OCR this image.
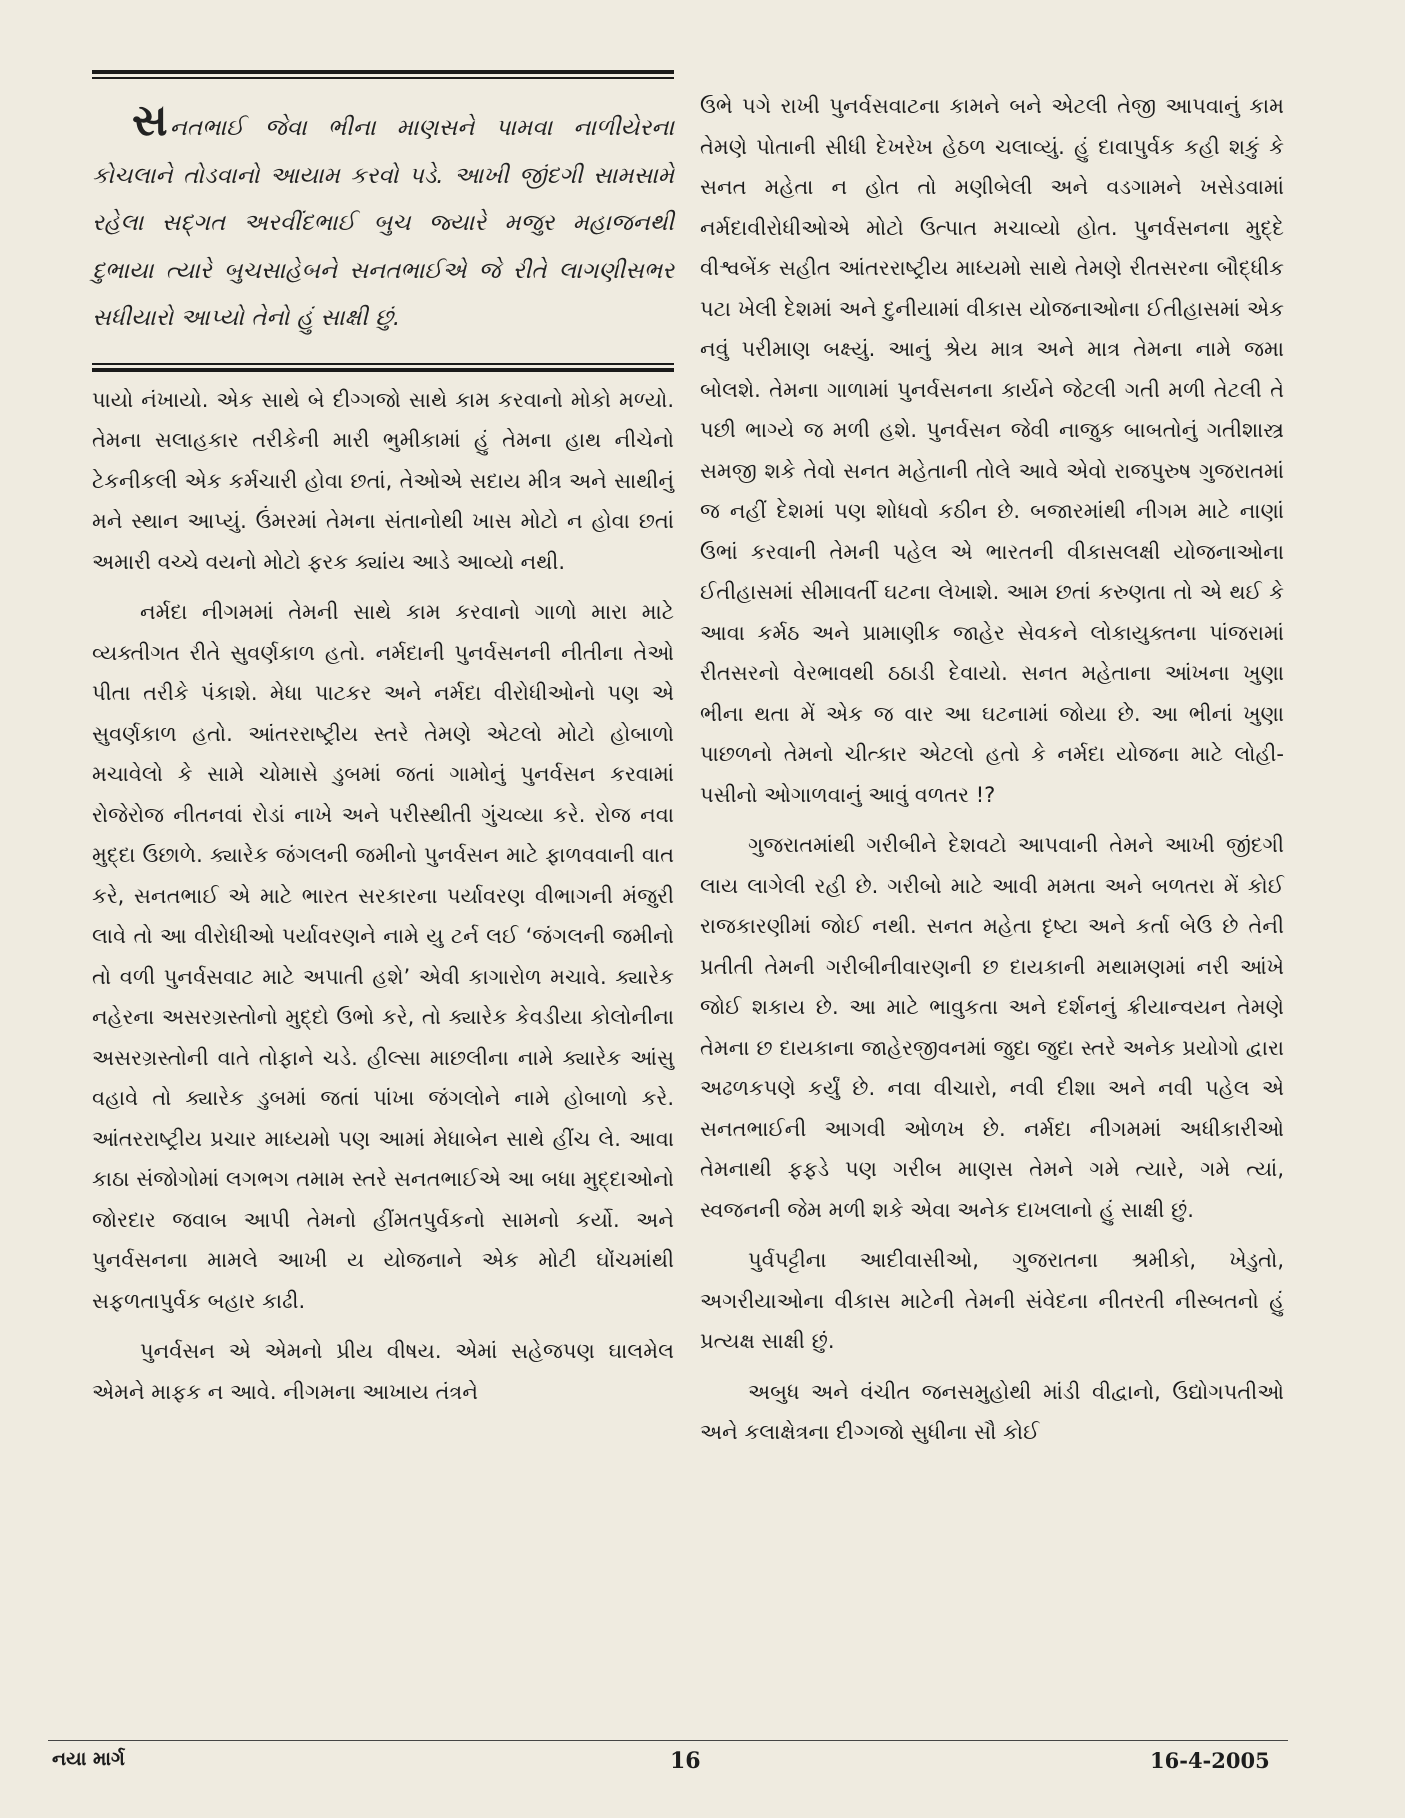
સનતભાઈ જેવા ભીના માણસને પામવા નાળીયેરના કોચલાને તોડવાનો આયામ કરવો પડે. આખી જીંદગી સામસામે રહેલા સદ્ગત અરવીંદભાઈ બુચ જ્યારે મજુર મહાજનથી દુભાયા ત્યારે બુચસાહેબને સનતભાઈએ જે રીતે લાગણીસભર સધીયારો આપ્યો તેનો હું સાક્ષી છું.

પાયો નંખાયો. એક સાથે બે દીગ્ગજો સાથે કામ કરવાનો મોકો મળ્યો. તેમના સલાહકાર તરીકેની મારી ભુમીકામાં હું તેમના હાથ નીચેનો ટેકનીકલી એક કર્મચારી હોવા છતાં, તેઓએ સદાય મીત્ર અને સાથીનું મને સ્થાન આપ્યું. ઉંમરમાં તેમના સંતાનોથી ખાસ મોટો ન હોવા છતાં અમારી વચ્ચે વયનો મોટો ફરક ક્યાંય આડે આવ્યો નથી.

નર્મદા નીગમમાં તેમની સાથે કામ કરવાનો ગાળો મારા માટે વ્યક્તીગત રીતે સુવર્ણકાળ હતો. નર્મદાની પુનર્વસનની નીતીના તેઓ પીતા તરીકે પંકાશે. મેધા પાટકર અને નર્મદા વીરોધીઓનો પણ એ સુવર્ણકાળ હતો. આંતરરાષ્ટ્રીય સ્તરે તેમણે એટલો મોટો હોબાળો મચાવેલો કે સામે ચોમાસે ડુબમાં જતાં ગામોનું પુનર્વસન કરવામાં રોજેરોજ નીતનવાં રોડાં નાખે અને પરીસ્થીતી ગુંચવ્યા કરે. રોજ નવા મુદ્દા ઉછાળે. ક્યારેક જંગલની જમીનો પુનર્વસન માટે ફાળવવાની વાત કરે, સનતભાઈ એ માટે ભારત સરકારના પર્યાવરણ વીભાગની મંજુરી લાવે તો આ વીરોધીઓ પર્યાવરણને નામે યુ ટર્ન લઈ ‘જંગલની જમીનો તો વળી પુનર્વસવાટ માટે અપાતી હશે’ એવી કાગારોળ મચાવે. ક્યારેક નહેરના અસરગ્રસ્તોનો મુદ્દો ઉભો કરે, તો ક્યારેક કેવડીયા કોલોનીના અસરગ્રસ્તોની વાતે તોફાને ચડે. હીલ્સા માછલીના નામે ક્યારેક આંસુ વહાવે તો ક્યારેક ડુબમાં જતાં પાંખા જંગલોને નામે હોબાળો કરે. આંતરરાષ્ટ્રીય પ્રચાર માધ્યમો પણ આમાં મેધાબેન સાથે હીંચ લે. આવા કાઠા સંજોગોમાં લગભગ તમામ સ્તરે સનતભાઈએ આ બધા મુદ્દાઓનો જોરદાર જવાબ આપી તેમનો હીંમતપુર્વકનો સામનો કર્યો. અને પુનર્વસનના મામલે આખી ય યોજનાને એક મોટી ઘોંચમાંથી સફળતાપુર્વક બહાર કાઢી.

પુનર્વસન એ એમનો પ્રીય વીષય. એમાં સહેજપણ ઘાલમેલ એમને માફક ન આવે. નીગમના આખાય તંત્રને

ઉભે પગે રાખી પુનર્વસવાટના કામને બને એટલી તેજી આપવાનું કામ તેમણે પોતાની સીધી દેખરેખ હેઠળ ચલાવ્યું. હું દાવાપુર્વક કહી શકું કે સનત મહેતા ન હોત તો મણીબેલી અને વડગામને ખસેડવામાં નર્મદાવીરોધીઓએ મોટો ઉત્પાત મચાવ્યો હોત. પુનર્વસનના મુદ્દે વીશ્વબેંક સહીત આંતરરાષ્ટ્રીય માધ્યમો સાથે તેમણે રીતસરના બૌદ્ધીક પટા ખેલી દેશમાં અને દુનીયામાં વીકાસ યોજનાઓના ઈતીહાસમાં એક નવું પરીમાણ બક્ષ્યું. આનું શ્રેય માત્ર અને માત્ર તેમના નામે જમા બોલશે. તેમના ગાળામાં પુનર્વસનના કાર્યને જેટલી ગતી મળી તેટલી તે પછી ભાગ્યે જ મળી હશે. પુનર્વસન જેવી નાજુક બાબતોનું ગતીશાસ્ત્ર સમજી શકે તેવો સનત મહેતાની તોલે આવે એવો રાજપુરુષ ગુજરાતમાં જ નહીં દેશમાં પણ શોધવો કઠીન છે. બજારમાંથી નીગમ માટે નાણાં ઉભાં કરવાની તેમની પહેલ એ ભારતની વીકાસલક્ષી યોજનાઓના ઈતીહાસમાં સીમાવર્તી ઘટના લેખાશે. આમ છતાં કરુણતા તો એ થઈ કે આવા કર્મઠ અને પ્રામાણીક જાહેર સેવકને લોકાયુક્તના પાંજરામાં રીતસરનો વેરભાવથી ઠઠાડી દેવાયો. સનત મહેતાના આંખના ખુણા ભીના થતા મેં એક જ વાર આ ઘટનામાં જોયા છે. આ ભીનાં ખુણા પાછળનો તેમનો ચીત્કાર એટલો હતો કે નર્મદા યોજના માટે લોહી-પસીનો ઓગાળવાનું આવું વળતર !?

ગુજરાતમાંથી ગરીબીને દેશવટો આપવાની તેમને આખી જીંદગી લાય લાગેલી રહી છે. ગરીબો માટે આવી મમતા અને બળતરા મેં કોઈ રાજકારણીમાં જોઈ નથી. સનત મહેતા દૃષ્ટા અને કર્તા બેઉ છે તેની પ્રતીતી તેમની ગરીબીનીવારણની છ દાયકાની મથામણમાં નરી આંખે જોઈ શકાય છે. આ માટે ભાવુકતા અને દર્શનનું ક્રીયાન્વયન તેમણે તેમના છ દાયકાના જાહેરજીવનમાં જુદા જુદા સ્તરે અનેક પ્રયોગો દ્વારા અઢળકપણે કર્યું છે. નવા વીચારો, નવી દીશા અને નવી પહેલ એ સનતભાઈની આગવી ઓળખ છે. નર્મદા નીગમમાં અધીકારીઓ તેમનાથી ફફડે પણ ગરીબ માણસ તેમને ગમે ત્યારે, ગમે ત્યાં, સ્વજનની જેમ મળી શકે એવા અનેક દાખલાનો હું સાક્ષી છું.

પુર્વપટ્ટીના આદીવાસીઓ, ગુજરાતના શ્રમીકો, ખેડુતો, અગરીયાઓના વીકાસ માટેની તેમની સંવેદના નીતરતી નીસ્બતનો હું પ્રત્યક્ષ સાક્ષી છું.

અબુધ અને વંચીત જનસમુહોથી માંડી વીદ્વાનો, ઉદ્યોગપતીઓ અને કલાક્ષેત્રના દીગ્ગજો સુધીના સૌ કોઈ

નયા માર્ગ	16	16-4-2005
